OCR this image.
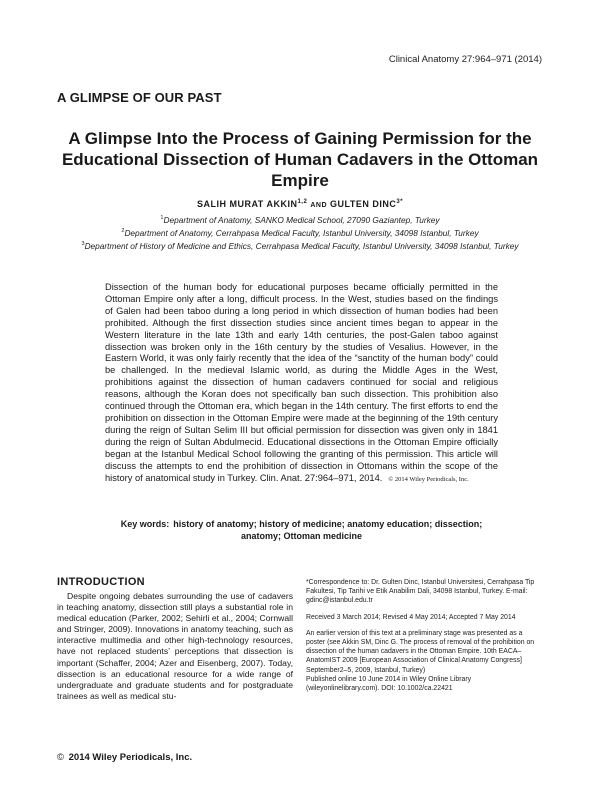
Clinical Anatomy 27:964–971 (2014)
A GLIMPSE OF OUR PAST
A Glimpse Into the Process of Gaining Permission for the Educational Dissection of Human Cadavers in the Ottoman Empire
SALIH MURAT AKKIN$^{1,2}$ AND GULTEN $DINC^{3*}$
$^1$Department of Anatomy, SANKO Medical School, 27090 Gaziantep, Turkey
$^2$Department of Anatomy, Cerrahpasa Medical Faculty, Istanbul University, 34098 Istanbul, Turkey
$^3$Department of History of Medicine and Ethics, Cerrahpasa Medical Faculty, Istanbul University, 34098 Istanbul, Turkey
Dissection of the human body for educational purposes became officially permitted in the Ottoman Empire only after a long, difficult process. In the West, studies based on the findings of Galen had been taboo during a long period in which dissection of human bodies had been prohibited. Although the first dissection studies since ancient times began to appear in the Western literature in the late 13th and early 14th centuries, the post-Galen taboo against dissection was broken only in the 16th century by the studies of Vesalius. However, in the Eastern World, it was only fairly recently that the idea of the “sanctity of the human body” could be challenged. In the medieval Islamic world, as during the Middle Ages in the West, prohibitions against the dissection of human cadavers continued for social and religious reasons, although the Koran does not specifically ban such dissection. This prohibition also continued through the Ottoman era, which began in the 14th century. The first efforts to end the prohibition on dissection in the Ottoman Empire were made at the beginning of the 19th century during the reign of Sultan Selim III but official permission for dissection was given only in 1841 during the reign of Sultan Abdulmecid. Educational dissections in the Ottoman Empire officially began at the Istanbul Medical School following the granting of this permission. This article will discuss the attempts to end the prohibition of dissection in Ottomans within the scope of the history of anatomical study in Turkey. Clin. Anat. 27:964–971, 2014. © 2014 Wiley Periodicals, Inc.
Key words: history of anatomy; history of medicine; anatomy education; dissection; anatomy; Ottoman medicine
INTRODUCTION
Despite ongoing debates surrounding the use of cadavers in teaching anatomy, dissection still plays a substantial role in medical education (Parker, 2002; Sehirli et al., 2004; Cornwall and Stringer, 2009). Innovations in anatomy teaching, such as interactive multimedia and other high-technology resources, have not replaced students’ perceptions that dissection is important (Schaffer, 2004; Azer and Eisenberg, 2007). Today, dissection is an educational resource for a wide range of undergraduate and graduate students and for postgraduate trainees as well as medical stu-

*Correspondence to: Dr. Gulten Dinc, Istanbul Universitesi, Cerrahpasa Tip Fakultesi, Tip Tarihi ve Etik Anabilim Dali, 34098 Istanbul, Turkey. E-mail: gdinc@istanbul.edu.tr

Received 3 March 2014; Revised 4 May 2014; Accepted 7 May 2014

An earlier version of this text at a preliminary stage was presented as a poster (see Akkin SM, Dinc G. The process of removal of the prohibition on dissection of the human cadavers in the Ottoman Empire. 10th EACA–AnatomIST 2009 [European Association of Clinical Anatomy Congress] September2–5, 2009, Istanbul, Turkey)

Published online 10 June 2014 in Wiley Online Library (wileyonlinelibrary.com). DOI: 10.1002/ca.22421

© 2014 Wiley Periodicals, Inc.
